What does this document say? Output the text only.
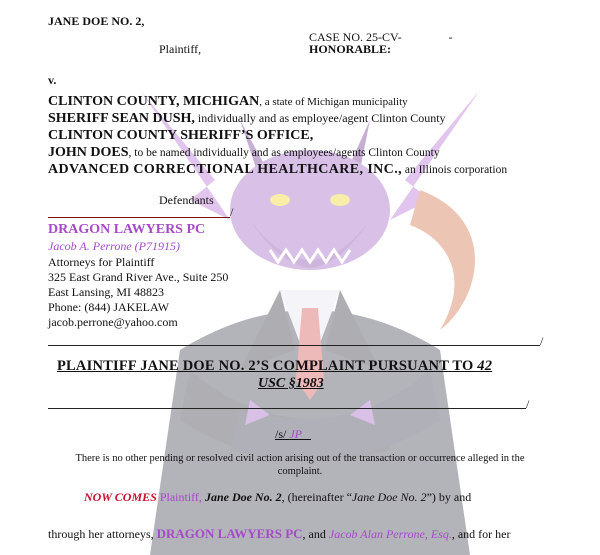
JANE DOE NO. 2,
Plaintiff,
CASE NO. 25-CV-	-
HONORABLE:
v.
CLINTON COUNTY, MICHIGAN, a state of Michigan municipality
SHERIFF SEAN DUSH, individually and as employee/agent Clinton County
CLINTON COUNTY SHERIFF’S OFFICE,
JOHN DOES, to be named individually and as employees/agents Clinton County
ADVANCED CORRECTIONAL HEALTHCARE, INC., an Illinois corporation
Defendants
/
DRAGON LAWYERS PC
Jacob A. Perrone (P71915)
Attorneys for Plaintiff
325 East Grand River Ave., Suite 250
East Lansing, MI 48823
Phone: (844) JAKELAW
jacob.perrone@yahoo.com
/
PLAINTIFF JANE DOE NO. 2’S COMPLAINT PURSUANT TO 42
USC §1983
/
/s/ JP
There is no other pending or resolved civil action arising out of the transaction or occurrence alleged in the
complaint.
NOW COMES Plaintiff, Jane Doe No. 2, (hereinafter “Jane Doe No. 2”) by and
through her attorneys, DRAGON LAWYERS PC, and Jacob Alan Perrone, Esq., and for her
